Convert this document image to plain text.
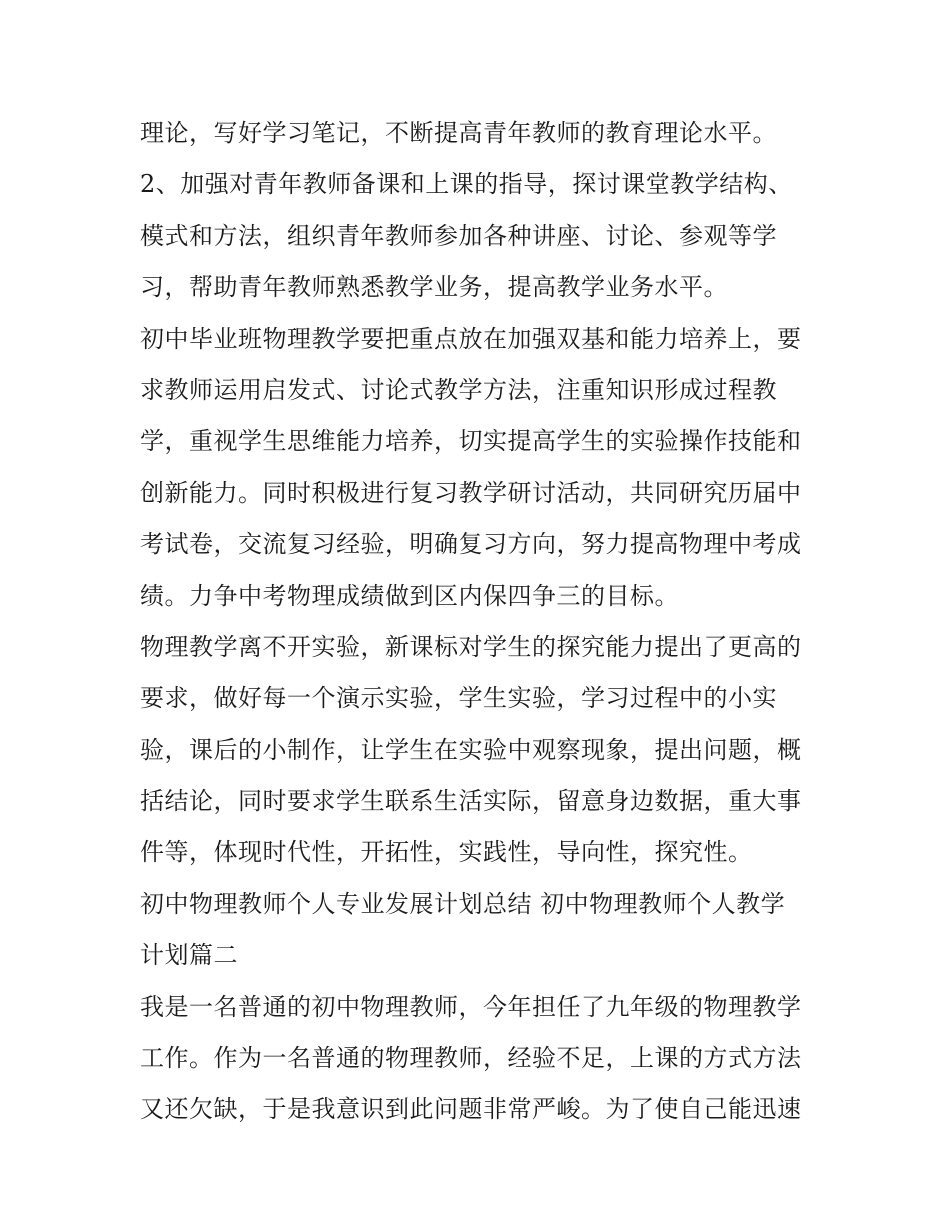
理论，写好学习笔记，不断提高青年教师的教育理论水平。
2、加强对青年教师备课和上课的指导，探讨课堂教学结构、
模式和方法，组织青年教师参加各种讲座、讨论、参观等学
习，帮助青年教师熟悉教学业务，提高教学业务水平。
初中毕业班物理教学要把重点放在加强双基和能力培养上，要
求教师运用启发式、讨论式教学方法，注重知识形成过程教
学，重视学生思维能力培养，切实提高学生的实验操作技能和
创新能力。同时积极进行复习教学研讨活动，共同研究历届中
考试卷，交流复习经验，明确复习方向，努力提高物理中考成
绩。力争中考物理成绩做到区内保四争三的目标。
物理教学离不开实验，新课标对学生的探究能力提出了更高的
要求，做好每一个演示实验，学生实验，学习过程中的小实
验，课后的小制作，让学生在实验中观察现象，提出问题，概
括结论，同时要求学生联系生活实际，留意身边数据，重大事
件等，体现时代性，开拓性，实践性，导向性，探究性。
初中物理教师个人专业发展计划总结 初中物理教师个人教学
计划篇二
我是一名普通的初中物理教师，今年担任了九年级的物理教学
工作。作为一名普通的物理教师，经验不足，上课的方式方法
又还欠缺，于是我意识到此问题非常严峻。为了使自己能迅速
